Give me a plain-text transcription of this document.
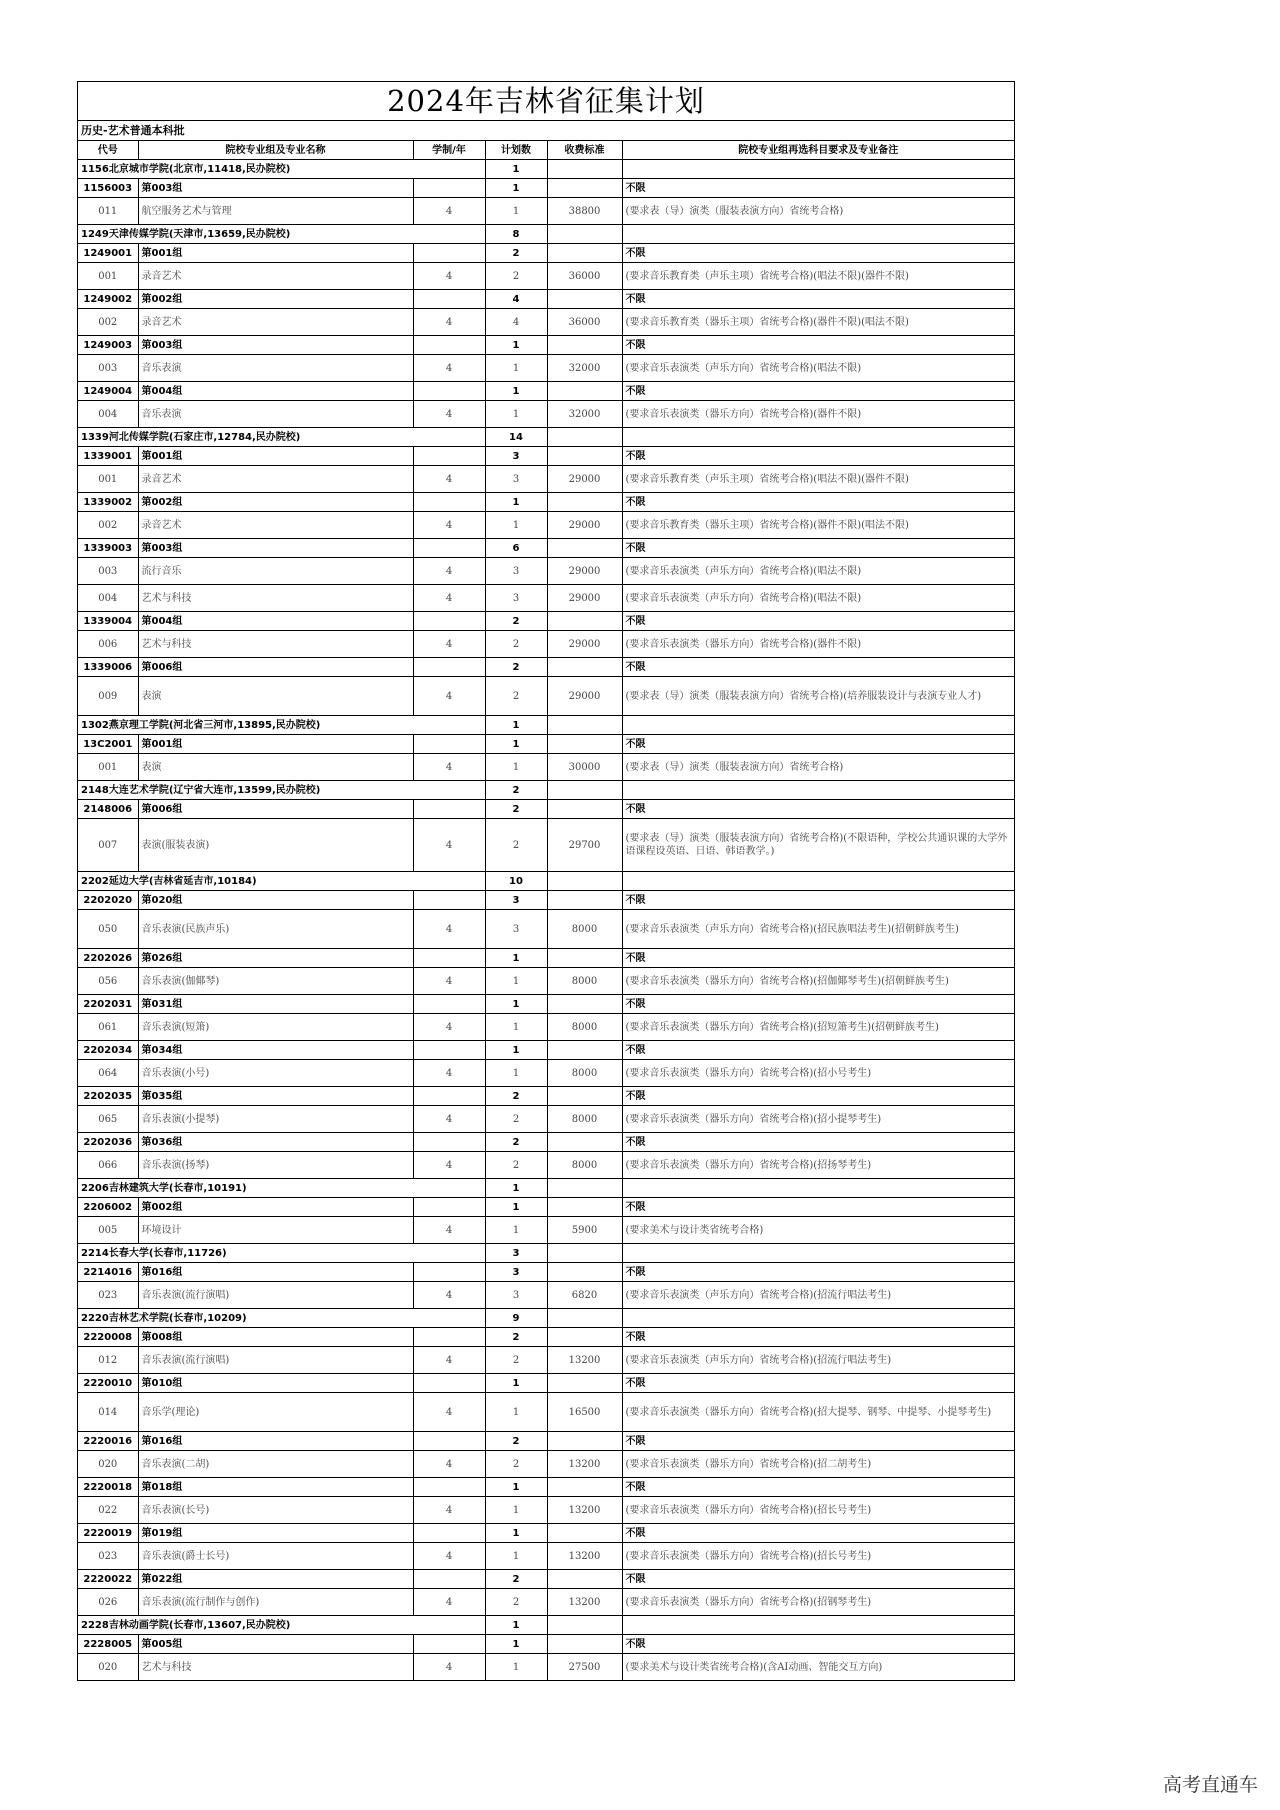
2024年吉林省征集计划
历史-艺术普通本科批
代号	院校专业组及专业名称	学制/年	计划数	收费标准	院校专业组再选科目要求及专业备注
1156北京城市学院(北京市,11418,民办院校)			1		
1156003	第003组		1		不限
011	航空服务艺术与管理	4	1	38800	(要求表（导）演类（服装表演方向）省统考合格)
1249天津传媒学院(天津市,13659,民办院校)			8		
1249001	第001组		2		不限
001	录音艺术	4	2	36000	(要求音乐教育类（声乐主项）省统考合格)(唱法不限)(器件不限)
1249002	第002组		4		不限
002	录音艺术	4	4	36000	(要求音乐教育类（器乐主项）省统考合格)(器件不限)(唱法不限)
1249003	第003组		1		不限
003	音乐表演	4	1	32000	(要求音乐表演类（声乐方向）省统考合格)(唱法不限)
1249004	第004组		1		不限
004	音乐表演	4	1	32000	(要求音乐表演类（器乐方向）省统考合格)(器件不限)
1339河北传媒学院(石家庄市,12784,民办院校)			14		
1339001	第001组		3		不限
001	录音艺术	4	3	29000	(要求音乐教育类（声乐主项）省统考合格)(唱法不限)(器件不限)
1339002	第002组		1		不限
002	录音艺术	4	1	29000	(要求音乐教育类（器乐主项）省统考合格)(器件不限)(唱法不限)
1339003	第003组		6		不限
003	流行音乐	4	3	29000	(要求音乐表演类（声乐方向）省统考合格)(唱法不限)
004	艺术与科技	4	3	29000	(要求音乐表演类（声乐方向）省统考合格)(唱法不限)
1339004	第004组		2		不限
006	艺术与科技	4	2	29000	(要求音乐表演类（器乐方向）省统考合格)(器件不限)
1339006	第006组		2		不限
009	表演	4	2	29000	(要求表（导）演类（服装表演方向）省统考合格)(培养服装设计与表演专业人才)
1302燕京理工学院(河北省三河市,13895,民办院校)			1		
13C2001	第001组		1		不限
001	表演	4	1	30000	(要求表（导）演类（服装表演方向）省统考合格)
2148大连艺术学院(辽宁省大连市,13599,民办院校)			2		
2148006	第006组		2		不限
007	表演(服装表演)	4	2	29700	(要求表（导）演类（服装表演方向）省统考合格)(不限语种，学校公共通识课的大学外语课程设英语、日语、韩语教学。)
2202延边大学(吉林省延吉市,10184)			10		
2202020	第020组		3		不限
050	音乐表演(民族声乐)	4	3	8000	(要求音乐表演类（声乐方向）省统考合格)(招民族唱法考生)(招朝鲜族考生)
2202026	第026组		1		不限
056	音乐表演(伽倻琴)	4	1	8000	(要求音乐表演类（器乐方向）省统考合格)(招伽倻琴考生)(招朝鲜族考生)
2202031	第031组		1		不限
061	音乐表演(短箫)	4	1	8000	(要求音乐表演类（器乐方向）省统考合格)(招短箫考生)(招朝鲜族考生)
2202034	第034组		1		不限
064	音乐表演(小号)	4	1	8000	(要求音乐表演类（器乐方向）省统考合格)(招小号考生)
2202035	第035组		2		不限
065	音乐表演(小提琴)	4	2	8000	(要求音乐表演类（器乐方向）省统考合格)(招小提琴考生)
2202036	第036组		2		不限
066	音乐表演(扬琴)	4	2	8000	(要求音乐表演类（器乐方向）省统考合格)(招扬琴考生)
2206吉林建筑大学(长春市,10191)			1		
2206002	第002组		1		不限
005	环境设计	4	1	5900	(要求美术与设计类省统考合格)
2214长春大学(长春市,11726)			3		
2214016	第016组		3		不限
023	音乐表演(流行演唱)	4	3	6820	(要求音乐表演类（声乐方向）省统考合格)(招流行唱法考生)
2220吉林艺术学院(长春市,10209)			9		
2220008	第008组		2		不限
012	音乐表演(流行演唱)	4	2	13200	(要求音乐表演类（声乐方向）省统考合格)(招流行唱法考生)
2220010	第010组		1		不限
014	音乐学(理论)	4	1	16500	(要求音乐表演类（器乐方向）省统考合格)(招大提琴、钢琴、中提琴、小提琴考生)
2220016	第016组		2		不限
020	音乐表演(二胡)	4	2	13200	(要求音乐表演类（器乐方向）省统考合格)(招二胡考生)
2220018	第018组		1		不限
022	音乐表演(长号)	4	1	13200	(要求音乐表演类（器乐方向）省统考合格)(招长号考生)
2220019	第019组		1		不限
023	音乐表演(爵士长号)	4	1	13200	(要求音乐表演类（器乐方向）省统考合格)(招长号考生)
2220022	第022组		2		不限
026	音乐表演(流行制作与创作)	4	2	13200	(要求音乐表演类（器乐方向）省统考合格)(招钢琴考生)
2228吉林动画学院(长春市,13607,民办院校)			1		
2228005	第005组		1		不限
020	艺术与科技	4	1	27500	(要求美术与设计类省统考合格)(含AI动画、智能交互方向)
高考直通车
